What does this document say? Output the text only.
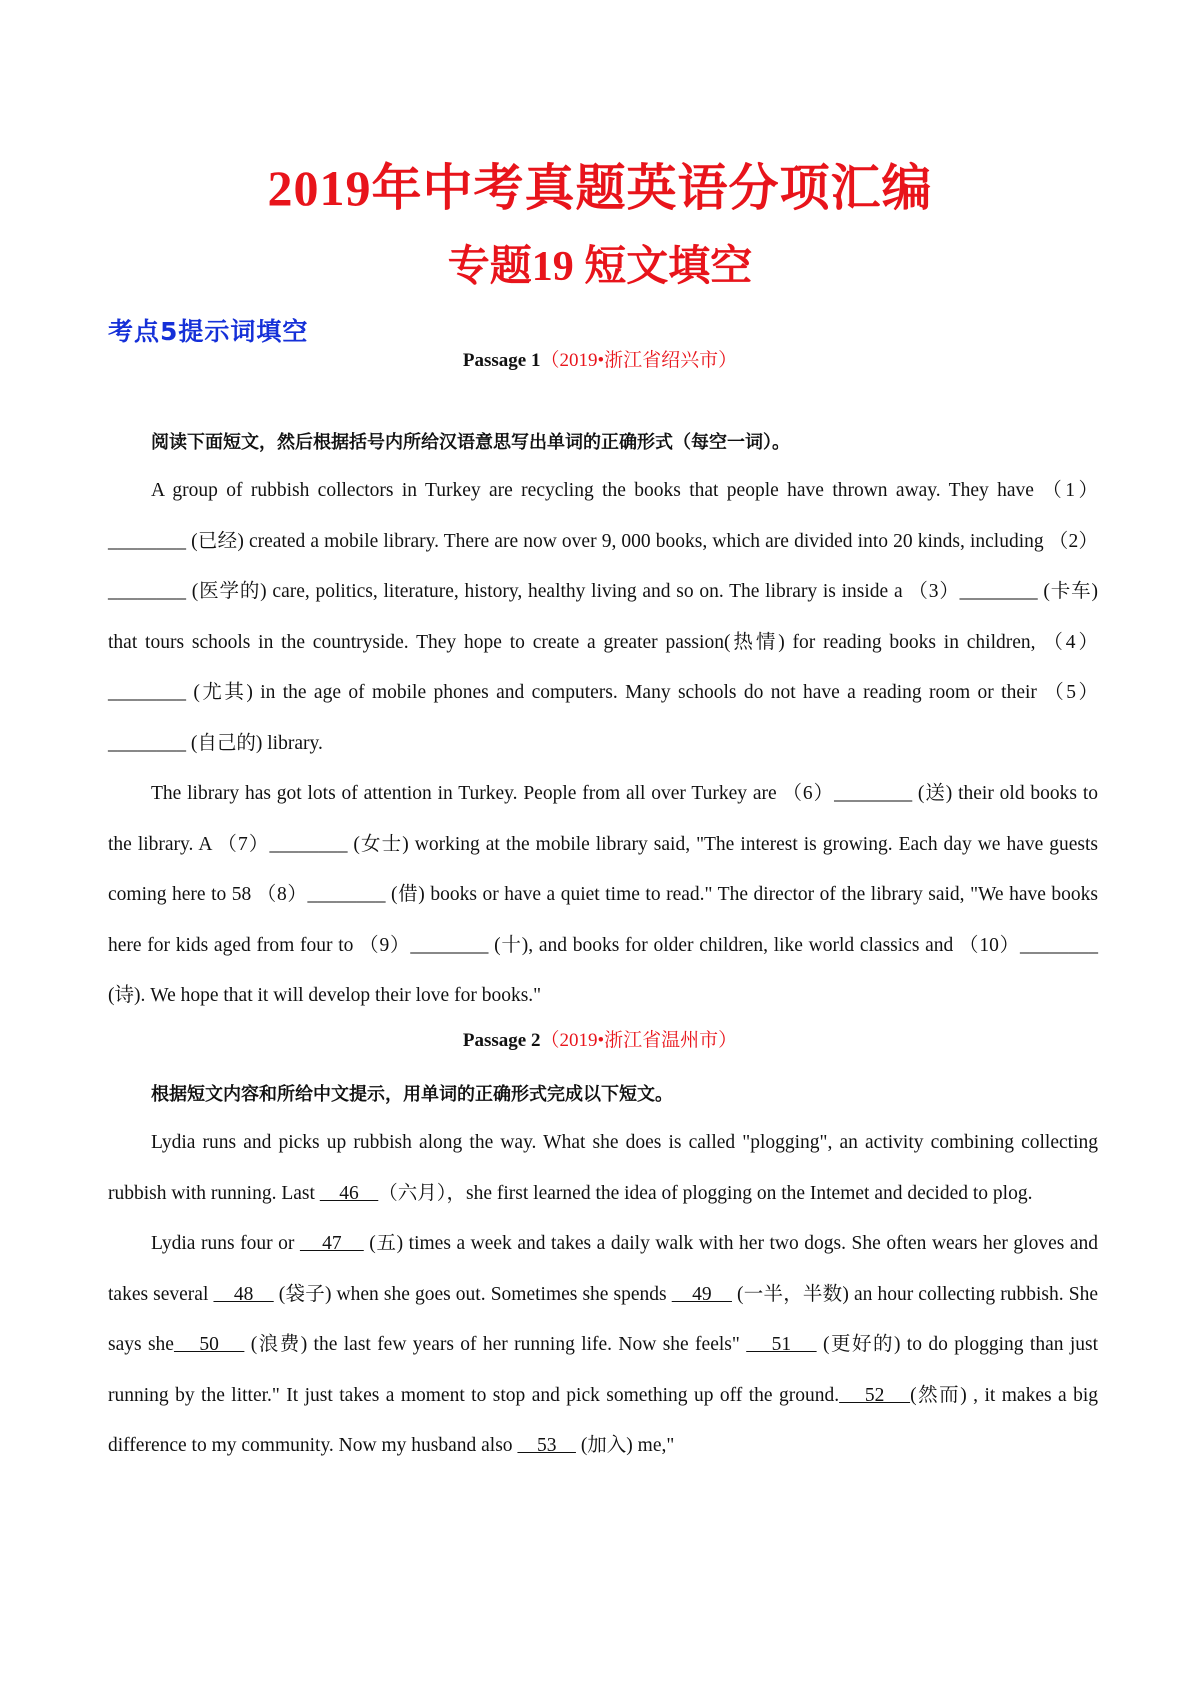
2019年中考真题英语分项汇编
专题19 短文填空
考点5提示词填空
Passage 1（2019•浙江省绍兴市）
阅读下面短文，然后根据括号内所给汉语意思写出单词的正确形式（每空一词）。

A group of rubbish collectors in Turkey are recycling the books that people have thrown away. They have （1）________ (已经) created a mobile library. There are now over 9, 000 books, which are divided into 20 kinds, including （2）________ (医学的) care, politics, literature, history, healthy living and so on. The library is inside a （3）________ (卡车) that tours schools in the countryside. They hope to create a greater passion(热情) for reading books in children, （4）________ (尤其) in the age of mobile phones and computers. Many schools do not have a reading room or their （5）________ (自己的) library.

The library has got lots of attention in Turkey. People from all over Turkey are （6）________ (送) their old books to the library. A （7）________ (女士) working at the mobile library said, "The interest is growing. Each day we have guests coming here to 58 （8）________ (借) books or have a quiet time to read." The director of the library said, "We have books here for kids aged from four to （9）________ (十), and books for older children, like world classics and （10）________ (诗). We hope that it will develop their love for books."

Passage 2（2019•浙江省温州市）
根据短文内容和所给中文提示，用单词的正确形式完成以下短文。

Lydia runs and picks up rubbish along the way. What she does is called "plogging", an activity combining collecting rubbish with running. Last     46    （六月），she first learned the idea of plogging on the Intemet and decided to plog.

Lydia runs four or     47     (五) times a week and takes a daily walk with her two dogs. She often wears her gloves and takes several     48     (袋子) when she goes out. Sometimes she spends     49     (一半，半数) an hour collecting rubbish. She says she    50     (浪费) the last few years of her running life. Now she feels"     51     (更好的) to do plogging than just running by the litter." It just takes a moment to stop and pick something up off the ground.    52    (然而) , it makes a big difference to my community. Now my husband also     53     (加入) me,"
